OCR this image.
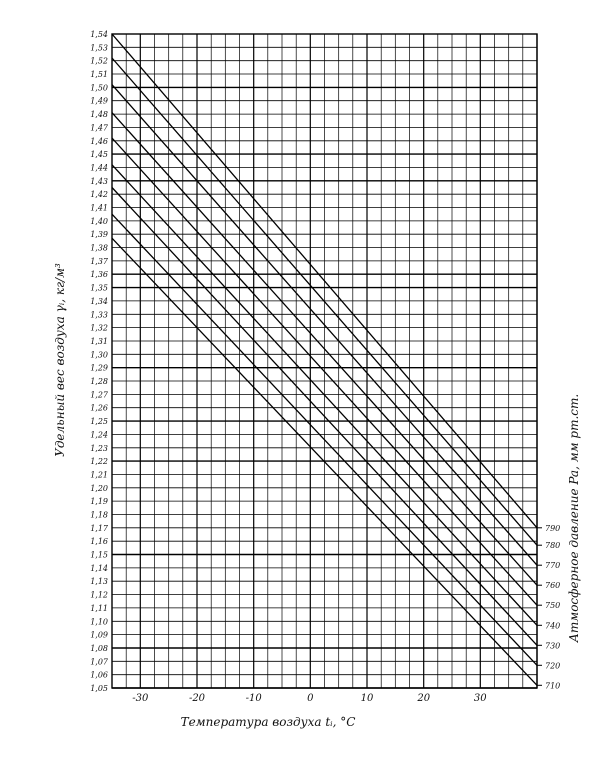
1,54
1,53
1,52
1,51
1,50
1,49
1,48
1,47
1,46
1,45
1,44
1,43
1,42
1,41
1,40
1,39
1,38
1,37
1,36
1,35
1,34
1,33
1,32
1,31
1,30
1,29
1,28
1,27
1,26
1,25
1,24
1,23
1,22
1,21
1,20
1,19
1,18
1,17
1,16
1,15
1,14
1,13
1,12
1,11
1,10
1,09
1,08
1,07
1,06
1,05
-30	-20	-10	0	10	20	30
790
780
770
760
750
740
730
720
710
Температура воздуха tᵢ, °С
Удельный вес воздуха γᵢ, кг/м³
Атмосферное давление Pa, мм рт.ст.
